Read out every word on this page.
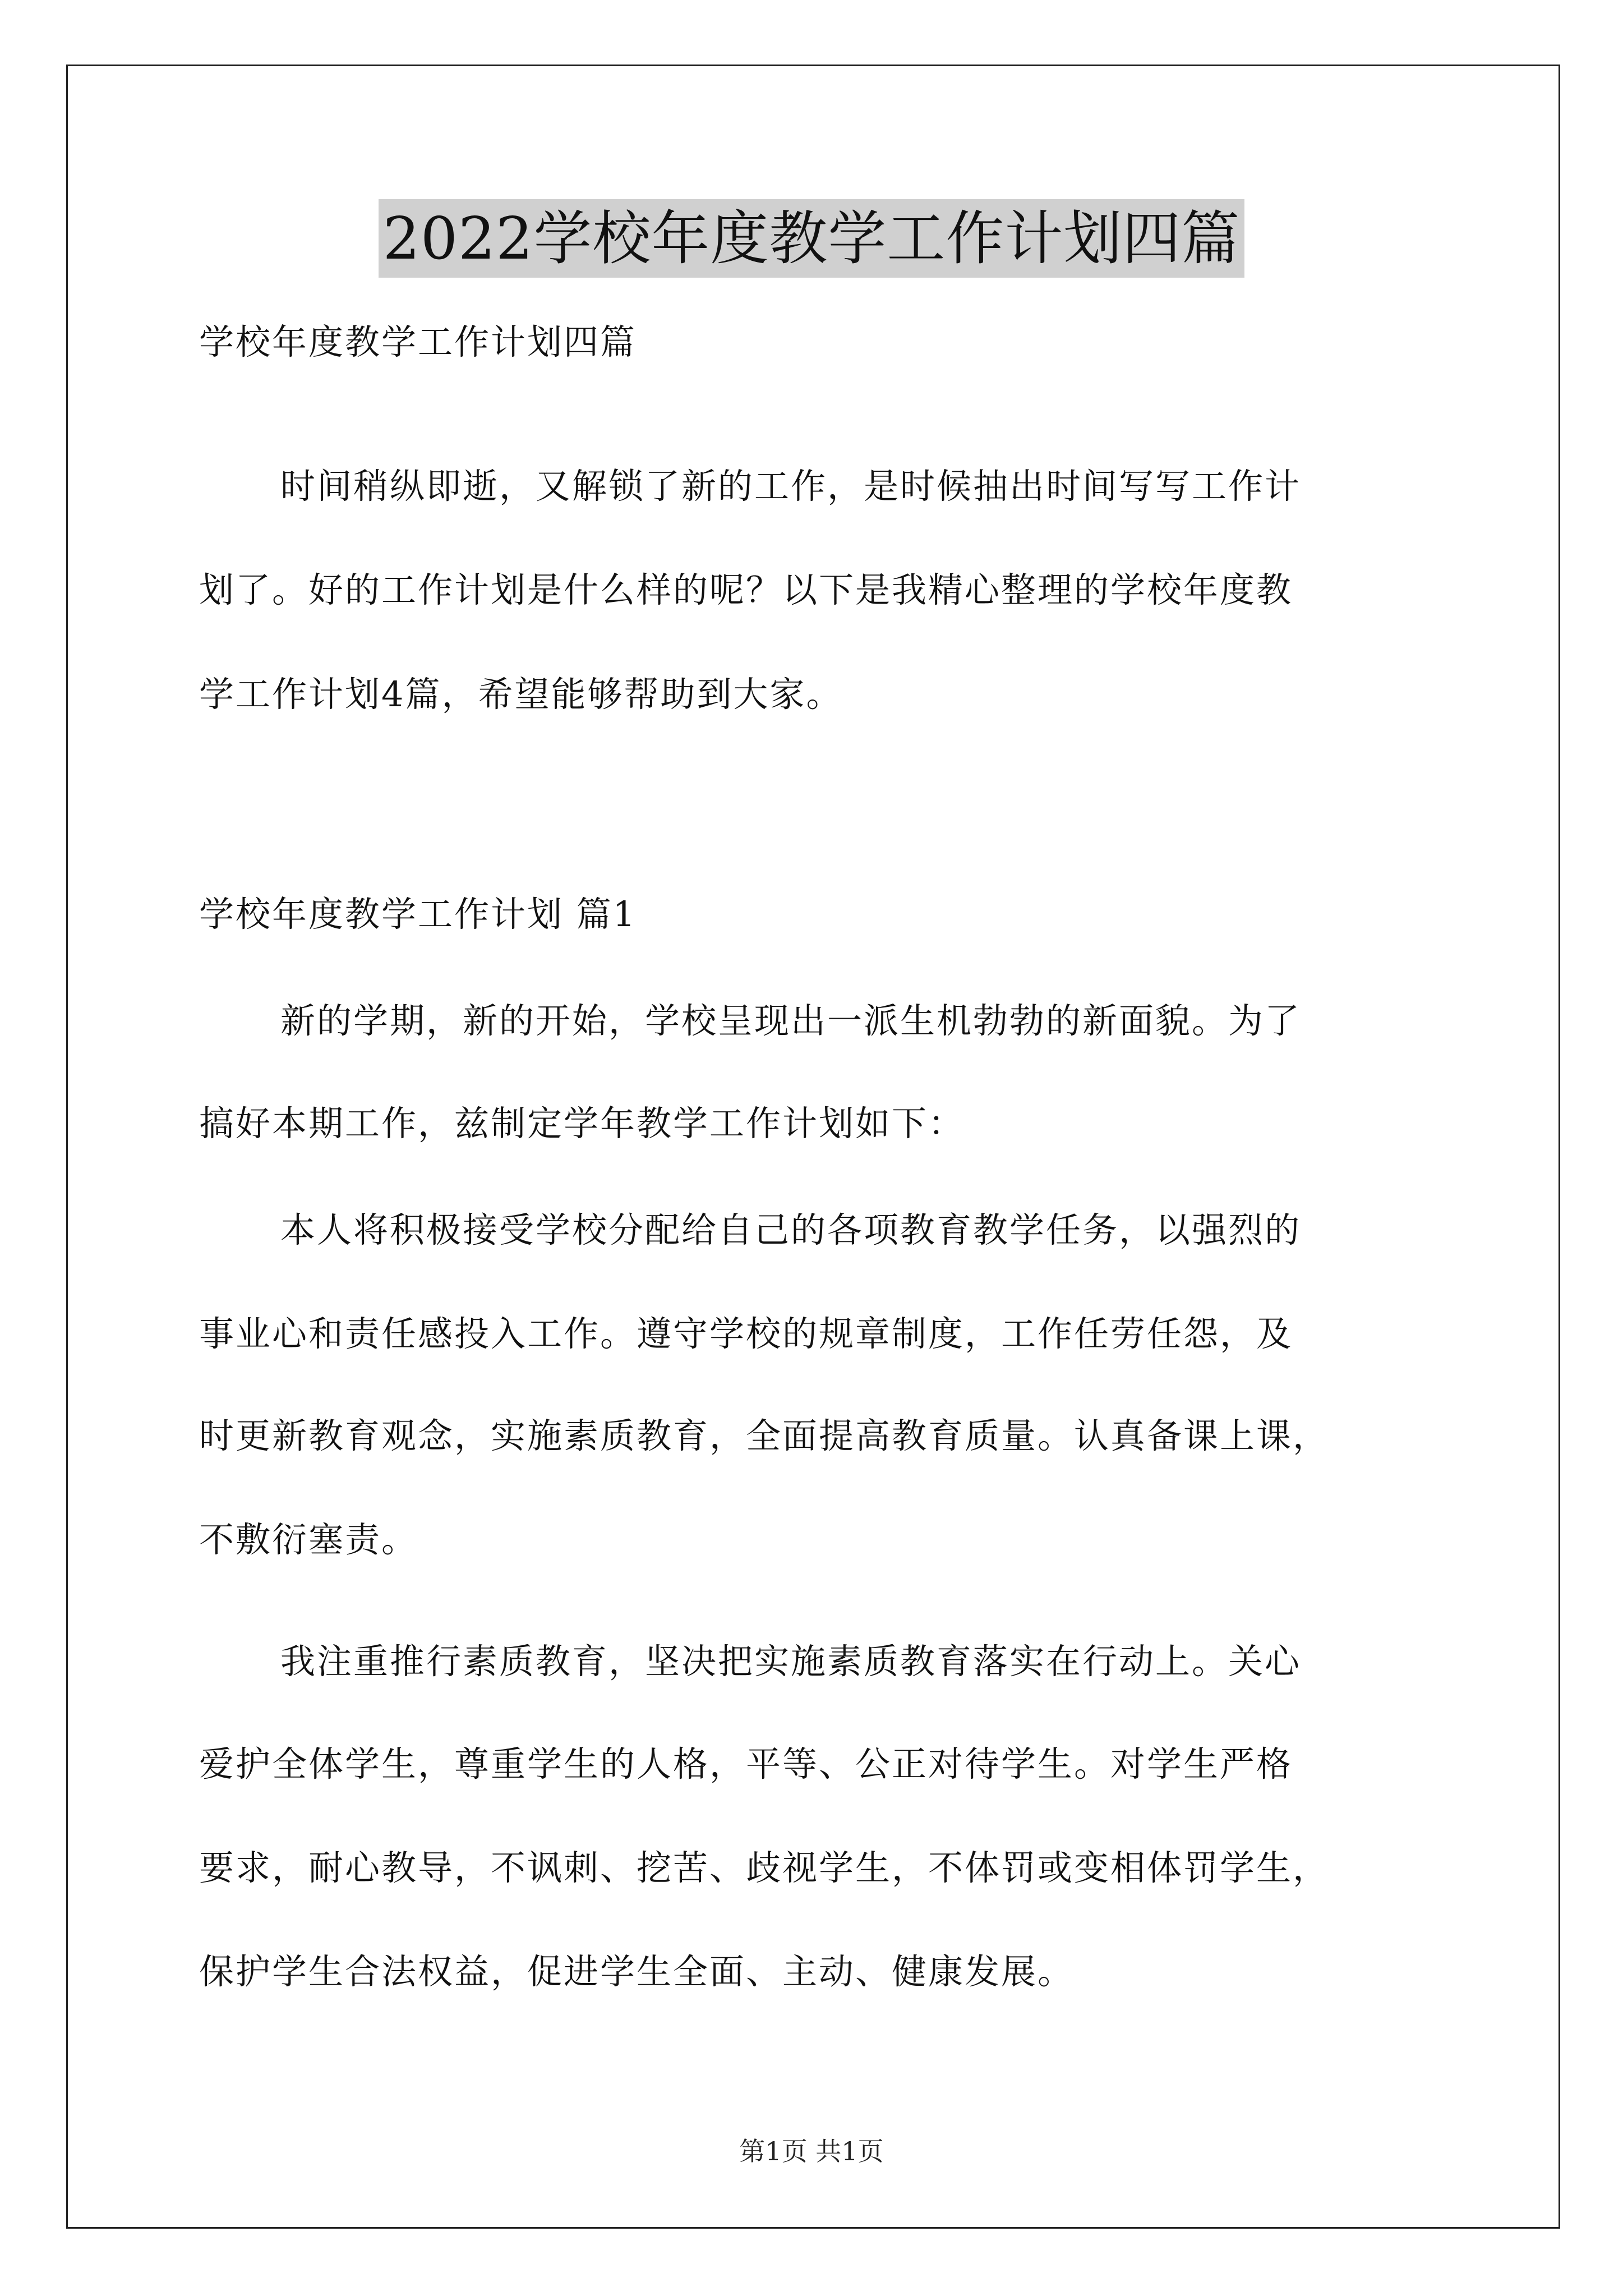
2022学校年度教学工作计划四篇
学校年度教学工作计划四篇
时间稍纵即逝，又解锁了新的工作，是时候抽出时间写写工作计
划了。好的工作计划是什么样的呢？以下是我精心整理的学校年度教
学工作计划4篇，希望能够帮助到大家。
学校年度教学工作计划 篇1
新的学期，新的开始，学校呈现出一派生机勃勃的新面貌。为了
搞好本期工作，兹制定学年教学工作计划如下：
本人将积极接受学校分配给自己的各项教育教学任务，以强烈的
事业心和责任感投入工作。遵守学校的规章制度，工作任劳任怨，及
时更新教育观念，实施素质教育，全面提高教育质量。认真备课上课，
不敷衍塞责。
我注重推行素质教育，坚决把实施素质教育落实在行动上。关心
爱护全体学生，尊重学生的人格，平等、公正对待学生。对学生严格
要求，耐心教导，不讽刺、挖苦、歧视学生，不体罚或变相体罚学生，
保护学生合法权益，促进学生全面、主动、健康发展。
第1页 共1页
